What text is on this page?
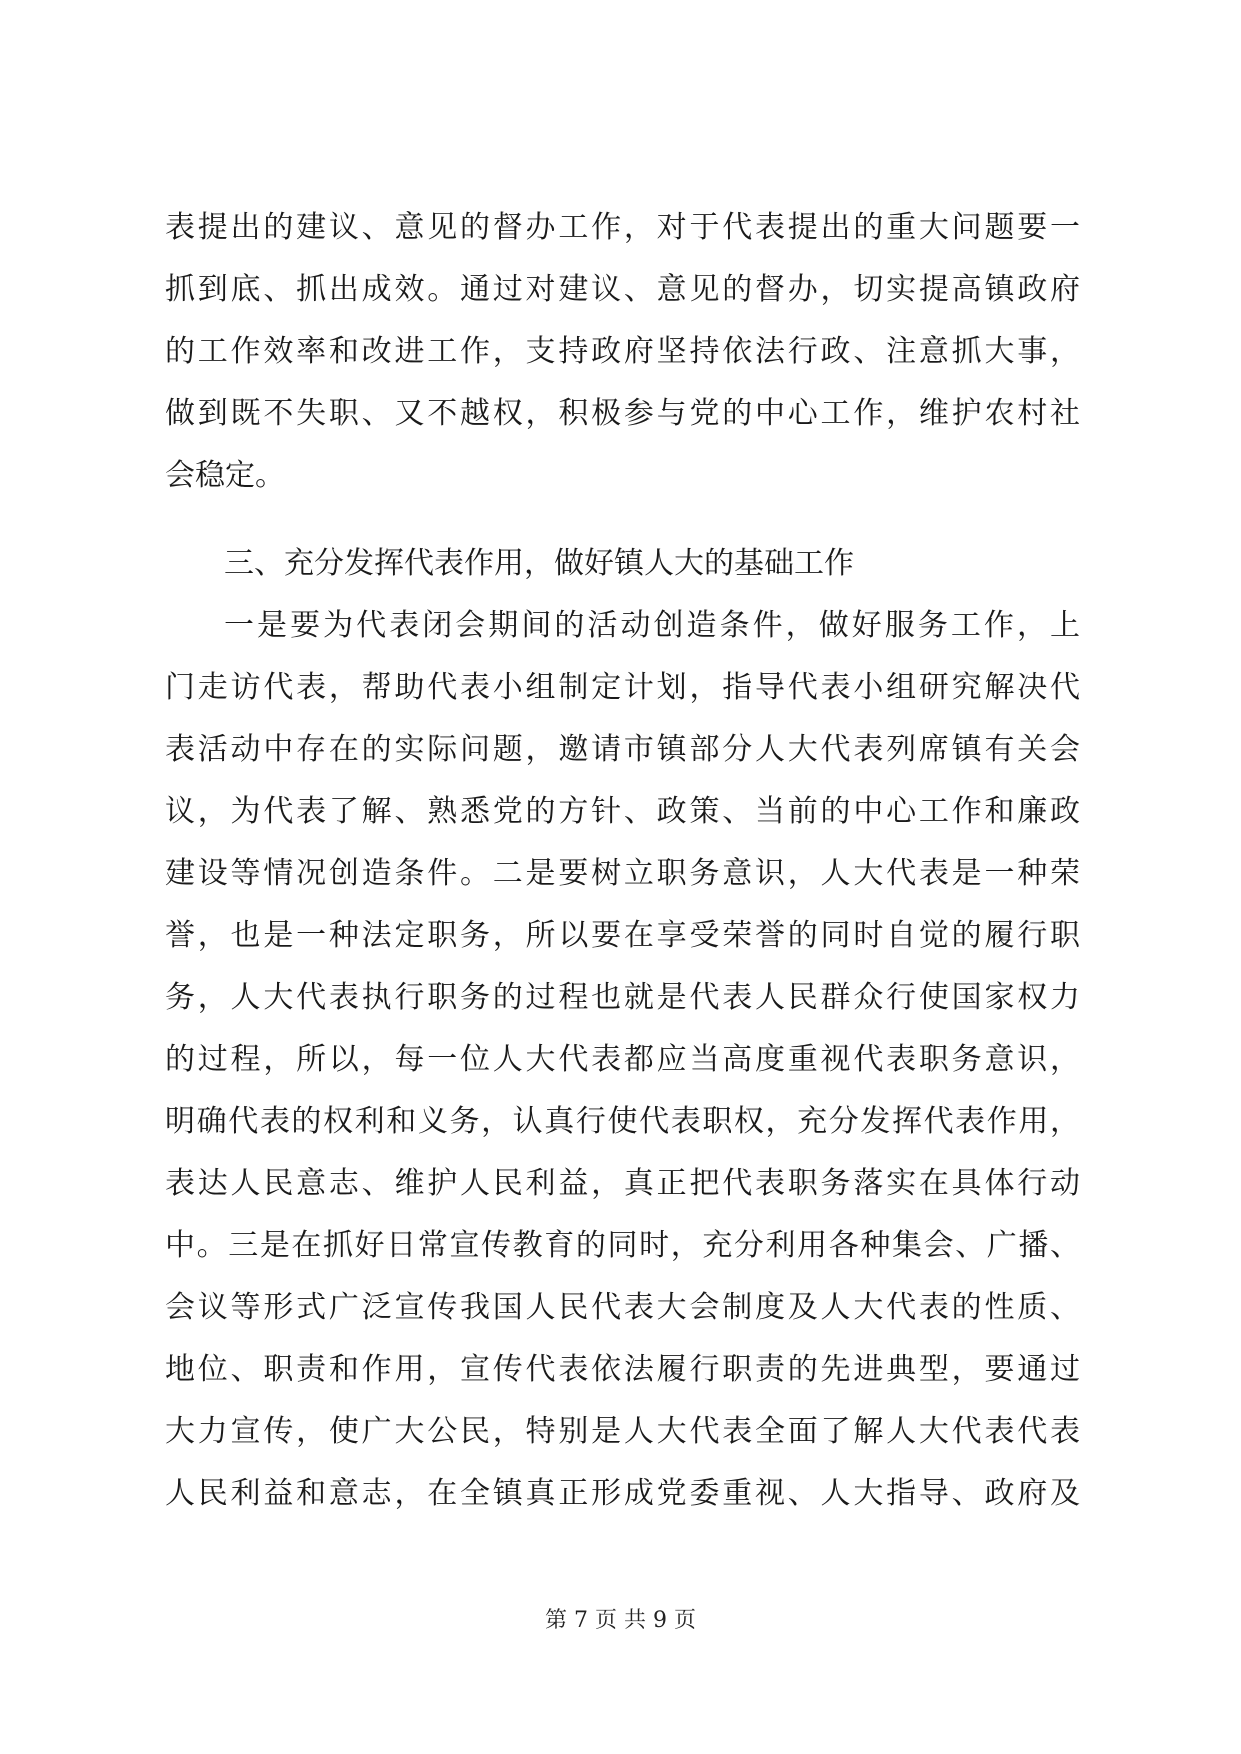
表提出的建议、意见的督办工作，对于代表提出的重大问题要一
抓到底、抓出成效。通过对建议、意见的督办，切实提高镇政府
的工作效率和改进工作，支持政府坚持依法行政、注意抓大事，
做到既不失职、又不越权，积极参与党的中心工作，维护农村社
会稳定。
三、充分发挥代表作用，做好镇人大的基础工作
一是要为代表闭会期间的活动创造条件，做好服务工作，上
门走访代表，帮助代表小组制定计划，指导代表小组研究解决代
表活动中存在的实际问题，邀请市镇部分人大代表列席镇有关会
议，为代表了解、熟悉党的方针、政策、当前的中心工作和廉政
建设等情况创造条件。二是要树立职务意识，人大代表是一种荣
誉，也是一种法定职务，所以要在享受荣誉的同时自觉的履行职
务，人大代表执行职务的过程也就是代表人民群众行使国家权力
的过程，所以，每一位人大代表都应当高度重视代表职务意识，
明确代表的权利和义务，认真行使代表职权，充分发挥代表作用，
表达人民意志、维护人民利益，真正把代表职务落实在具体行动
中。三是在抓好日常宣传教育的同时，充分利用各种集会、广播、
会议等形式广泛宣传我国人民代表大会制度及人大代表的性质、
地位、职责和作用，宣传代表依法履行职责的先进典型，要通过
大力宣传，使广大公民，特别是人大代表全面了解人大代表代表
人民利益和意志，在全镇真正形成党委重视、人大指导、政府及
第 7 页 共 9 页
